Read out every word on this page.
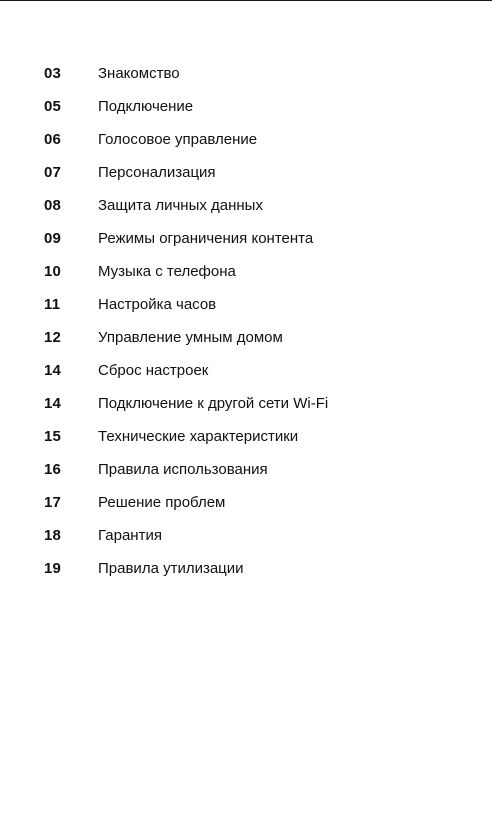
03	Знакомство
05	Подключение
06	Голосовое управление
07	Персонализация
08	Защита личных данных
09	Режимы ограничения контента
10	Музыка с телефона
11	Настройка часов
12	Управление умным домом
14	Сброс настроек
14	Подключение к другой сети Wi-Fi
15	Технические характеристики
16	Правила использования
17	Решение проблем
18	Гарантия
19	Правила утилизации
